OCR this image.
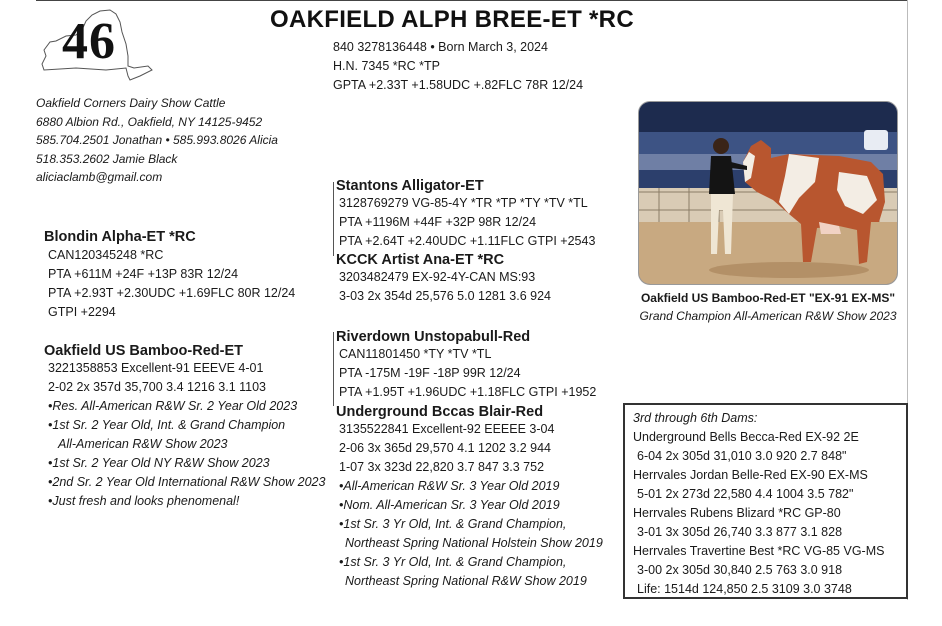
46	OAKFIELD ALPH BREE-ET *RC
840 3278136448 • Born March 3, 2024
H.N. 7345 *RC *TP
GPTA +2.33T +1.58UDC +.82FLC 78R 12/24
Oakfield Corners Dairy Show Cattle
6880 Albion Rd., Oakfield, NY 14125-9452
585.704.2501 Jonathan • 585.993.8026 Alicia
518.353.2602 Jamie Black
aliciaclamb@gmail.com
Blondin Alpha-ET *RC
CAN120345248 *RC
PTA +611M +24F +13P 83R 12/24
PTA +2.93T +2.30UDC +1.69FLC 80R 12/24
GTPI +2294
Oakfield US Bamboo-Red-ET
3221358853 Excellent-91 EEEVE 4-01
2-02 2x 357d 35,700 3.4 1216 3.1 1103
•Res. All-American R&W Sr. 2 Year Old 2023
•1st Sr. 2 Year Old, Int. & Grand Champion
All-American R&W Show 2023
•1st Sr. 2 Year Old NY R&W Show 2023
•2nd Sr. 2 Year Old International R&W Show 2023
•Just fresh and looks phenomenal!
Stantons Alligator-ET
3128769279 VG-85-4Y *TR *TP *TY *TV *TL
PTA +1196M +44F +32P 98R 12/24
PTA +2.64T +2.40UDC +1.11FLC GTPI +2543
KCCK Artist Ana-ET *RC
3203482479 EX-92-4Y-CAN MS:93
3-03 2x 354d 25,576 5.0 1281 3.6 924
Riverdown Unstopabull-Red
CAN11801450 *TY *TV *TL
PTA -175M -19F -18P 99R 12/24
PTA +1.95T +1.96UDC +1.18FLC GTPI +1952
Underground Bccas Blair-Red
3135522841 Excellent-92 EEEEE 3-04
2-06 3x 365d 29,570 4.1 1202 3.2 944
1-07 3x 323d 22,820 3.7 847 3.3 752
•All-American R&W Sr. 3 Year Old 2019
•Nom. All-American Sr. 3 Year Old 2019
•1st Sr. 3 Yr Old, Int. & Grand Champion,
Northeast Spring National Holstein Show 2019
•1st Sr. 3 Yr Old, Int. & Grand Champion,
Northeast Spring National R&W Show 2019
Oakfield US Bamboo-Red-ET "EX-91 EX-MS"
Grand Champion All-American R&W Show 2023
3rd through 6th Dams:
Underground Bells Becca-Red EX-92 2E
6-04 2x 305d 31,010 3.0 920 2.7 848"
Herrvales Jordan Belle-Red EX-90 EX-MS
5-01 2x 273d 22,580 4.4 1004 3.5 782"
Herrvales Rubens Blizard *RC GP-80
3-01 3x 305d 26,740 3.3 877 3.1 828
Herrvales Travertine Best *RC VG-85 VG-MS
3-00 2x 305d 30,840 2.5 763 3.0 918
Life: 1514d 124,850 2.5 3109 3.0 3748
